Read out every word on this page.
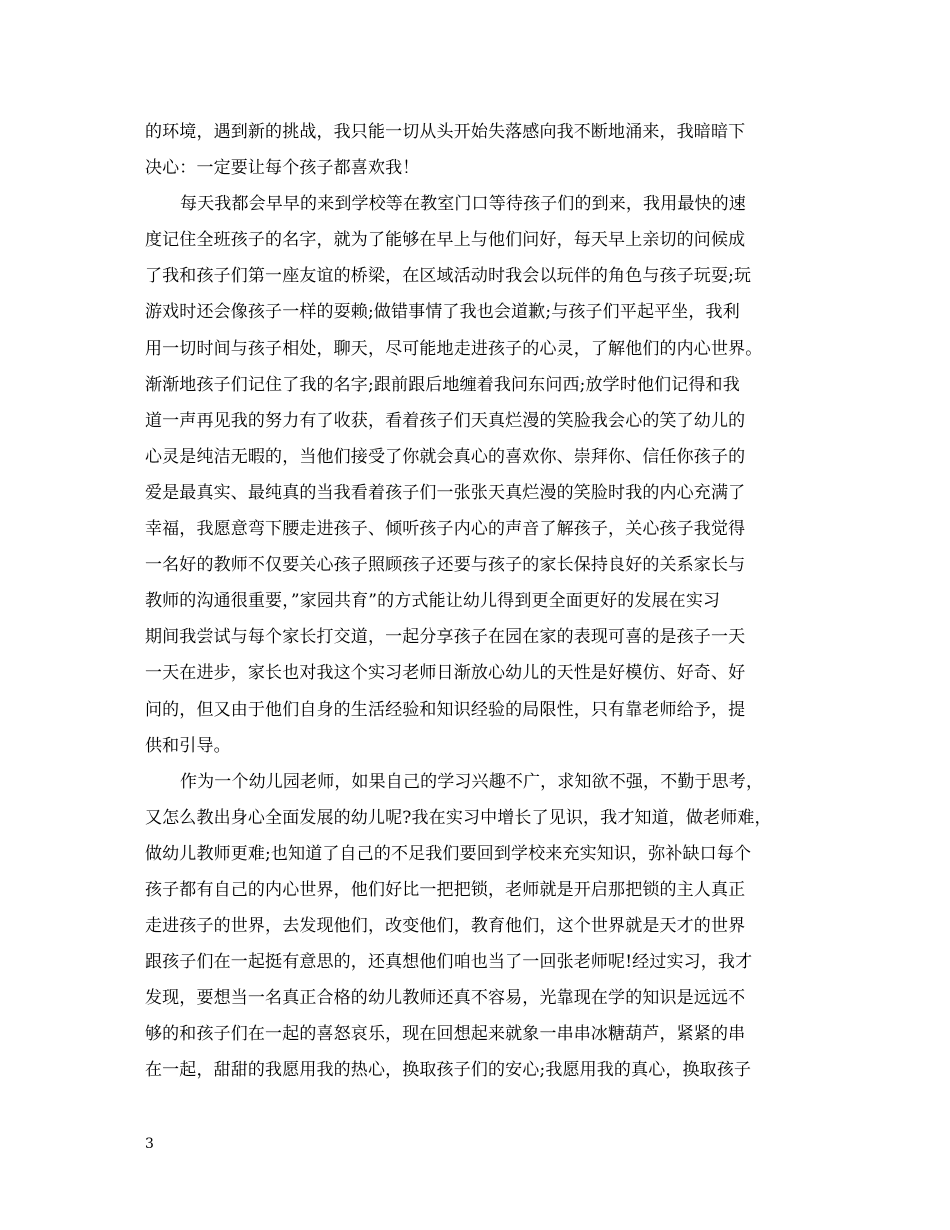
的环境，遇到新的挑战，我只能一切从头开始失落感向我不断地涌来，我暗暗下
决心：一定要让每个孩子都喜欢我！
每天我都会早早的来到学校等在教室门口等待孩子们的到来，我用最快的速
度记住全班孩子的名字，就为了能够在早上与他们问好，每天早上亲切的问候成
了我和孩子们第一座友谊的桥梁，在区域活动时我会以玩伴的角色与孩子玩耍;玩
游戏时还会像孩子一样的耍赖;做错事情了我也会道歉;与孩子们平起平坐，我利
用一切时间与孩子相处，聊天，尽可能地走进孩子的心灵，了解他们的内心世界。
渐渐地孩子们记住了我的名字;跟前跟后地缠着我问东问西;放学时他们记得和我
道一声再见我的努力有了收获，看着孩子们天真烂漫的笑脸我会心的笑了幼儿的
心灵是纯洁无暇的，当他们接受了你就会真心的喜欢你、崇拜你、信任你孩子的
爱是最真实、最纯真的当我看着孩子们一张张天真烂漫的笑脸时我的内心充满了
幸福，我愿意弯下腰走进孩子、倾听孩子内心的声音了解孩子，关心孩子我觉得
一名好的教师不仅要关心孩子照顾孩子还要与孩子的家长保持良好的关系家长与
教师的沟通很重要，”家园共育”的方式能让幼儿得到更全面更好的发展在实习
期间我尝试与每个家长打交道，一起分享孩子在园在家的表现可喜的是孩子一天
一天在进步，家长也对我这个实习老师日渐放心幼儿的天性是好模仿、好奇、好
问的，但又由于他们自身的生活经验和知识经验的局限性，只有靠老师给予，提
供和引导。
作为一个幼儿园老师，如果自己的学习兴趣不广，求知欲不强，不勤于思考，
又怎么教出身心全面发展的幼儿呢?我在实习中增长了见识，我才知道，做老师难，
做幼儿教师更难;也知道了自己的不足我们要回到学校来充实知识，弥补缺口每个
孩子都有自己的内心世界，他们好比一把把锁，老师就是开启那把锁的主人真正
走进孩子的世界，去发现他们，改变他们，教育他们，这个世界就是天才的世界
跟孩子们在一起挺有意思的，还真想他们咱也当了一回张老师呢!经过实习，我才
发现，要想当一名真正合格的幼儿教师还真不容易，光靠现在学的知识是远远不
够的和孩子们在一起的喜怒哀乐，现在回想起来就象一串串冰糖葫芦，紧紧的串
在一起，甜甜的我愿用我的热心，换取孩子们的安心;我愿用我的真心，换取孩子
3
